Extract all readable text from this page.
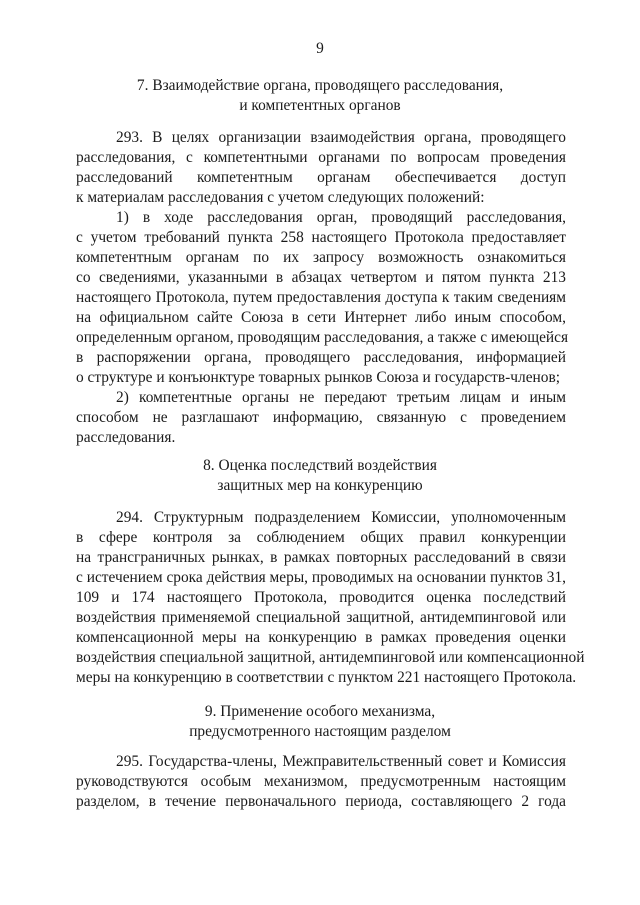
9
7. Взаимодействие органа, проводящего расследования,
и компетентных органов
293. В целях организации взаимодействия органа, проводящего
расследования, с компетентными органами по вопросам проведения
расследований компетентным органам обеспечивается доступ
к материалам расследования с учетом следующих положений:
1) в ходе расследования орган, проводящий расследования,
с учетом требований пункта 258 настоящего Протокола предоставляет
компетентным органам по их запросу возможность ознакомиться
со сведениями, указанными в абзацах четвертом и пятом пункта 213
настоящего Протокола, путем предоставления доступа к таким сведениям
на официальном сайте Союза в сети Интернет либо иным способом,
определенным органом, проводящим расследования, а также с имеющейся
в распоряжении органа, проводящего расследования, информацией
о структуре и конъюнктуре товарных рынков Союза и государств-членов;
2) компетентные органы не передают третьим лицам и иным
способом не разглашают информацию, связанную с проведением
расследования.
8. Оценка последствий воздействия
защитных мер на конкуренцию
294. Структурным подразделением Комиссии, уполномоченным
в сфере контроля за соблюдением общих правил конкуренции
на трансграничных рынках, в рамках повторных расследований в связи
с истечением срока действия меры, проводимых на основании пунктов 31,
109 и 174 настоящего Протокола, проводится оценка последствий
воздействия применяемой специальной защитной, антидемпинговой или
компенсационной меры на конкуренцию в рамках проведения оценки
воздействия специальной защитной, антидемпинговой или компенсационной
меры на конкуренцию в соответствии с пунктом 221 настоящего Протокола.
9. Применение особого механизма,
предусмотренного настоящим разделом
295. Государства-члены, Межправительственный совет и Комиссия
руководствуются особым механизмом, предусмотренным настоящим
разделом, в течение первоначального периода, составляющего 2 года
